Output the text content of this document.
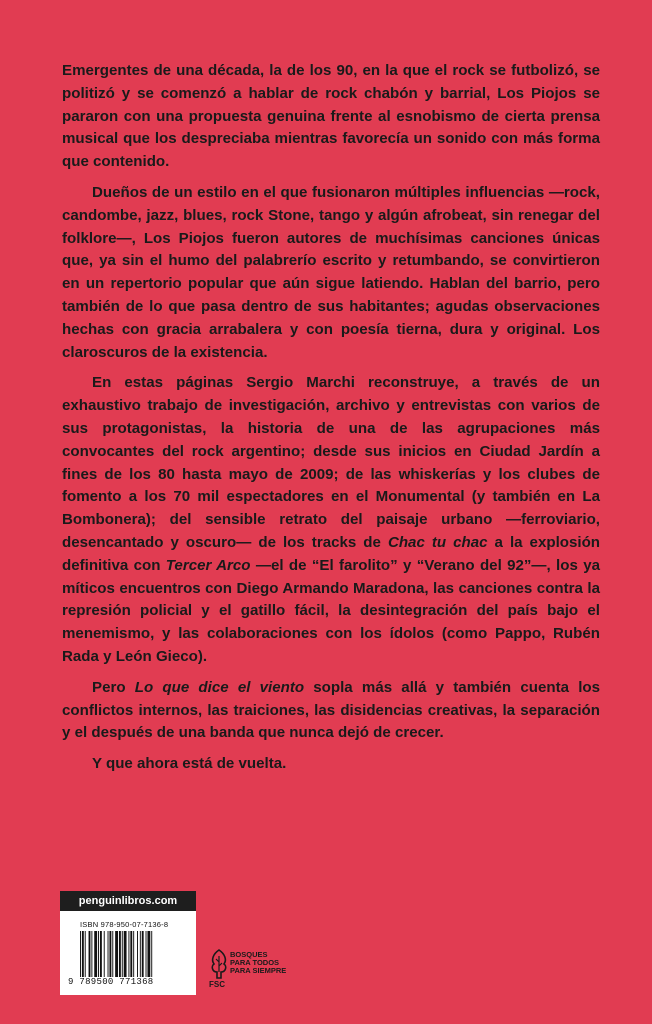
Emergentes de una década, la de los 90, en la que el rock se futbolizó, se politizó y se comenzó a hablar de rock chabón y barrial, Los Piojos se pararon con una propuesta genuina frente al esnobismo de cierta prensa musical que los despreciaba mientras favorecía un sonido con más forma que contenido.

Dueños de un estilo en el que fusionaron múltiples influencias —rock, candombe, jazz, blues, rock Stone, tango y algún afrobeat, sin renegar del folklore—, Los Piojos fueron autores de muchísimas canciones únicas que, ya sin el humo del palabrerío escrito y retumbando, se convirtieron en un repertorio popular que aún sigue latiendo. Hablan del barrio, pero también de lo que pasa dentro de sus habitantes; agudas observaciones hechas con gracia arrabalera y con poesía tierna, dura y original. Los claroscuros de la existencia.

En estas páginas Sergio Marchi reconstruye, a través de un exhaustivo trabajo de investigación, archivo y entrevistas con varios de sus protagonistas, la historia de una de las agrupaciones más convocantes del rock argentino; desde sus inicios en Ciudad Jardín a fines de los 80 hasta mayo de 2009; de las whiskerías y los clubes de fomento a los 70 mil espectadores en el Monumental (y también en La Bombonera); del sensible retrato del paisaje urbano —ferroviario, desencantado y oscuro— de los tracks de Chac tu chac a la explosión definitiva con Tercer Arco —el de “El farolito” y “Verano del 92”—, los ya míticos encuentros con Diego Armando Maradona, las canciones contra la represión policial y el gatillo fácil, la desintegración del país bajo el menemismo, y las colaboraciones con los ídolos (como Pappo, Rubén Rada y León Gieco).

Pero Lo que dice el viento sopla más allá y también cuenta los conflictos internos, las traiciones, las disidencias creativas, la separación y el después de una banda que nunca dejó de crecer.

Y que ahora está de vuelta.

penguinlibros.com
ISBN 978-950-07-7136-8
9 789500 771368
BOSQUES
PARA TODOS
PARA SIEMPRE
FSC
